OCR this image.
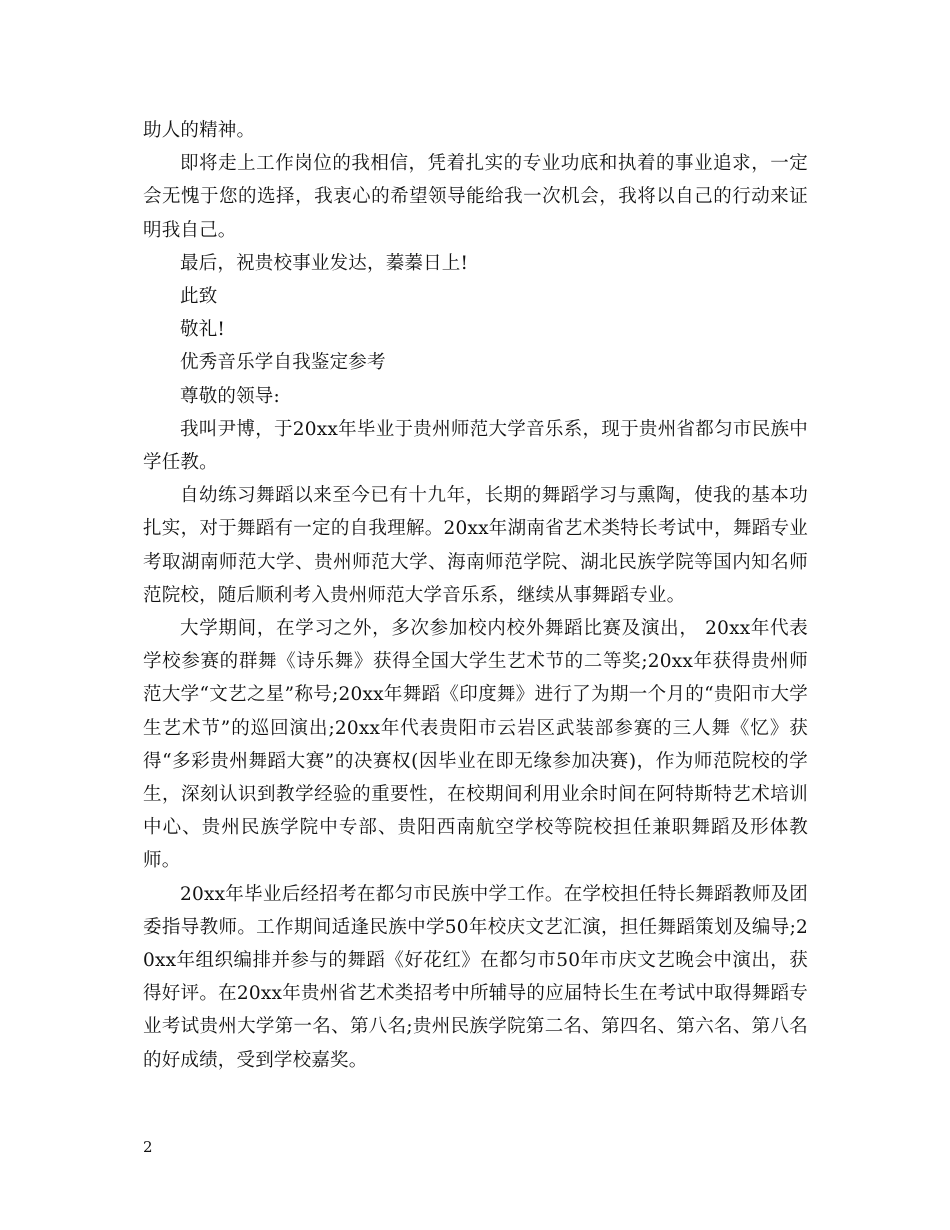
助人的精神。

即将走上工作岗位的我相信，凭着扎实的专业功底和执着的事业追求，一定会无愧于您的选择，我衷心的希望领导能给我一次机会，我将以自己的行动来证明我自己。

最后，祝贵校事业发达，蓁蓁日上!

此致

敬礼!

优秀音乐学自我鉴定参考

尊敬的领导:

我叫尹博，于20xx年毕业于贵州师范大学音乐系，现于贵州省都匀市民族中学任教。

自幼练习舞蹈以来至今已有十九年，长期的舞蹈学习与熏陶，使我的基本功扎实，对于舞蹈有一定的自我理解。20xx年湖南省艺术类特长考试中，舞蹈专业考取湖南师范大学、贵州师范大学、海南师范学院、湖北民族学院等国内知名师范院校，随后顺利考入贵州师范大学音乐系，继续从事舞蹈专业。

大学期间，在学习之外，多次参加校内校外舞蹈比赛及演出， 20xx年代表学校参赛的群舞《诗乐舞》获得全国大学生艺术节的二等奖;20xx年获得贵州师范大学“文艺之星”称号;20xx年舞蹈《印度舞》进行了为期一个月的“贵阳市大学生艺术节”的巡回演出;20xx年代表贵阳市云岩区武装部参赛的三人舞《忆》获得“多彩贵州舞蹈大赛”的决赛权(因毕业在即无缘参加决赛)，作为师范院校的学生，深刻认识到教学经验的重要性，在校期间利用业余时间在阿特斯特艺术培训中心、贵州民族学院中专部、贵阳西南航空学校等院校担任兼职舞蹈及形体教师。

20xx年毕业后经招考在都匀市民族中学工作。在学校担任特长舞蹈教师及团委指导教师。工作期间适逢民族中学50年校庆文艺汇演，担任舞蹈策划及编导;20xx年组织编排并参与的舞蹈《好花红》在都匀市50年市庆文艺晚会中演出，获得好评。在20xx年贵州省艺术类招考中所辅导的应届特长生在考试中取得舞蹈专业考试贵州大学第一名、第八名;贵州民族学院第二名、第四名、第六名、第八名的好成绩，受到学校嘉奖。

2
